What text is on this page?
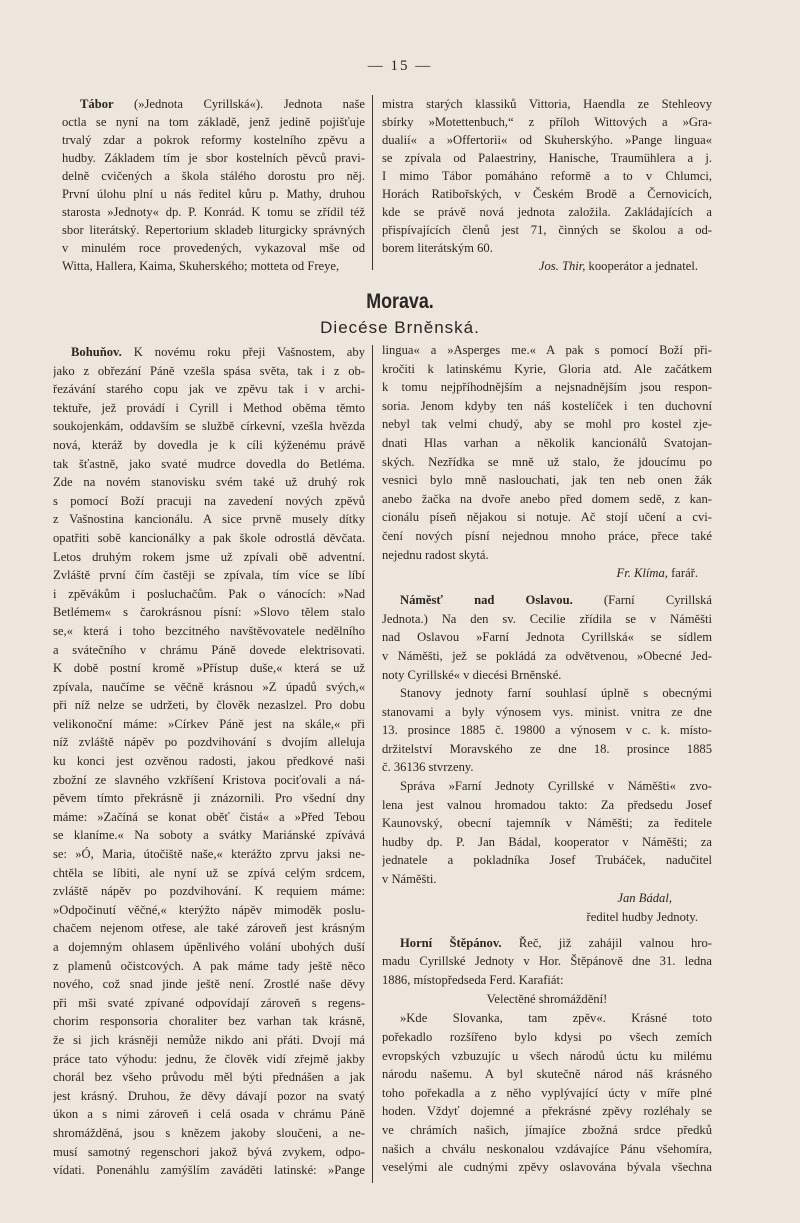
— 15 —
Tábor (»Jednota Cyrillská«). Jednota naše
octla se nyní na tom základě, jenž jedině pojišťuje
trvalý zdar a pokrok reformy kostelního zpěvu a
hudby. Základem tím je sbor kostelních pěvců pravi-
delně cvičených a škola stálého dorostu pro něj.
První úlohu plní u nás ředitel kůru p. Mathy, druhou
starosta »Jednoty« dp. P. Konrád. K tomu se zřídil též
sbor literátský. Repertorium skladeb liturgicky správných
v minulém roce provedených, vykazoval mše od
Witta, Hallera, Kaima, Skuherského; motteta od Freye,
mistra starých klassiků Vittoria, Haendla ze Stehleovy
sbírky »Motettenbuch,“ z příloh Wittových a »Gra-
dualií« a »Offertorii« od Skuherskýho. »Pange lingua«
se zpívala od Palaestriny, Hanische, Traumühlera a j.
I mimo Tábor pomáháno reformě a to v Chlumci,
Horách Ratibořských, v Českém Brodě a Černovicích,
kde se právě nová jednota založila. Zakládajících a
přispívajících členů jest 71, činných se školou a od-
borem literátským 60.
Jos. Thir, kooperátor a jednatel.
Morava.
Diecése Brněnská.
Bohuňov. K novému roku přeji Vašnostem, aby
jako z obřezání Páně vzešla spása světa, tak i z ob-
řezávání starého copu jak ve zpěvu tak i v archi-
tektuře, jež provádí i Cyrill i Method oběma těmto
soukojenkám, oddavším se službě církevní, vzešla hvězda
nová, kteráž by dovedla je k cíli kýženému právě
tak šťastně, jako svaté mudrce dovedla do Betléma.
Zde na novém stanovisku svém také už druhý rok
s pomocí Boží pracuji na zavedení nových zpěvů
z Vašnostina kancionálu. A sice prvně musely dítky
opatřiti sobě kancionálky a pak škole odrostlá děvčata.
Letos druhým rokem jsme už zpívali obě adventní.
Zvláště první čím častěji se zpívala, tím více se líbí
i zpěvákům i posluchačům. Pak o vánocích: »Nad
Betlémem« s čarokrásnou písní: »Slovo tělem stalo
se,« která i toho bezcitného navštěvovatele nedělního
a svátečního v chrámu Páně dovede elektrisovati.
K době postní kromě »Přístup duše,« která se už
zpívala, naučíme se věčně krásnou »Z úpadů svých,«
při níž nelze se udržeti, by člověk nezaslzel. Pro dobu
velikonoční máme: »Církev Páně jest na skále,« při
níž zvláště nápěv po pozdvihování s dvojím alleluja
ku konci jest ozvěnou radosti, jakou předkové naši
zbožní ze slavného vzkříšení Kristova pociťovali a ná-
pěvem tímto překrásně ji znázornili. Pro všední dny
máme: »Začíná se konat oběť čistá« a »Před Tebou
se klaníme.« Na soboty a svátky Mariánské zpívává
se: »Ó, Maria, útočiště naše,« kterážto zprvu jaksi ne-
chtěla se líbiti, ale nyní už se zpívá celým srdcem,
zvláště nápěv po pozdvihování. K requiem máme:
»Odpočinutí věčné,« kterýžto nápěv mimoděk poslu-
chačem nejenom otřese, ale také zároveň jest krásným
a dojemným ohlasem úpěnlivého volání ubohých duší
z plamenů očistcových. A pak máme tady ještě něco
nového, což snad jinde ještě není. Zrostlé naše děvy
při mši svaté zpívané odpovídají zároveň s regens-
chorim responsoria choraliter bez varhan tak krásně,
že si jich krásněji nemůže nikdo ani přáti. Dvojí má
práce tato výhodu: jednu, že člověk vidí zřejmě jakby
chorál bez všeho průvodu měl býti přednášen a jak
jest krásný. Druhou, že děvy dávají pozor na svatý
úkon a s nimi zároveň i celá osada v chrámu Páně
shromážděná, jsou s knězem jakoby sloučeni, a ne-
musí samotný regenschori jakož bývá zvykem, odpo-
vídati. Ponenáhlu zamýšlím zaváděti latinské: »Pange
lingua« a »Asperges me.« A pak s pomocí Boží při-
kročiti k latinskému Kyrie, Gloria atd. Ale začátkem
k tomu nejpříhodnějším a nejsnadnějším jsou respon-
soria. Jenom kdyby ten náš kostelíček i ten duchovní
nebyl tak velmi chudý, aby se mohl pro kostel zje-
dnati Hlas varhan a několik kancionálů Svatojan-
ských. Nezřídka se mně už stalo, že jdoucímu po
vesnici bylo mně naslouchati, jak ten neb onen žák
anebo žačka na dvoře anebo před domem sedě, z kan-
cionálu píseň nějakou si notuje. Ač stojí učení a cvi-
čení nových písní nejednou mnoho práce, přece také
nejednu radost skytá.
Fr. Klíma, farář.
Náměsť nad Oslavou. (Farní Cyrillská
Jednota.) Na den sv. Cecilie zřídila se v Náměšti
nad Oslavou »Farní Jednota Cyrillská« se sídlem
v Náměšti, jež se pokládá za odvětvenou, »Obecné Jed-
noty Cyrillské« v diecési Brněnské.
Stanovy jednoty farní souhlasí úplně s obecnými
stanovami a byly výnosem vys. minist. vnitra ze dne
13. prosince 1885 č. 19800 a výnosem v c. k. místo-
držitelství Moravského ze dne 18. prosince 1885
č. 36136 stvrzeny.
Správa »Farní Jednoty Cyrillské v Náměšti« zvo-
lena jest valnou hromadou takto: Za předsedu Josef
Kaunovský, obecní tajemník v Náměšti; za ředitele
hudby dp. P. Jan Bádal, kooperator v Náměšti; za
jednatele a pokladníka Josef Trubáček, nadučitel
v Náměšti.
Jan Bádal,
ředitel hudby Jednoty.
Horní Štěpánov. Řeč, již zahájil valnou hro-
madu Cyrillské Jednoty v Hor. Štěpánově dne 31. ledna
1886, místopředseda Ferd. Karafiát:
Velectěné shromáždění!
»Kde Slovanka, tam zpěv«. Krásné toto
pořekadlo rozšířeno bylo kdysi po všech zemích
evropských vzbuzujíc u všech národů úctu ku milému
národu našemu. A byl skutečně národ náš krásného
toho pořekadla a z něho vyplývající úcty v míře plné
hoden. Vždyť dojemné a překrásné zpěvy rozléhaly se
ve chrámích našich, jímajíce zbožná srdce předků
našich a chválu neskonalou vzdávajíce Pánu všehomíra,
veselými ale cudnými zpěvy oslavována bývala všechna
